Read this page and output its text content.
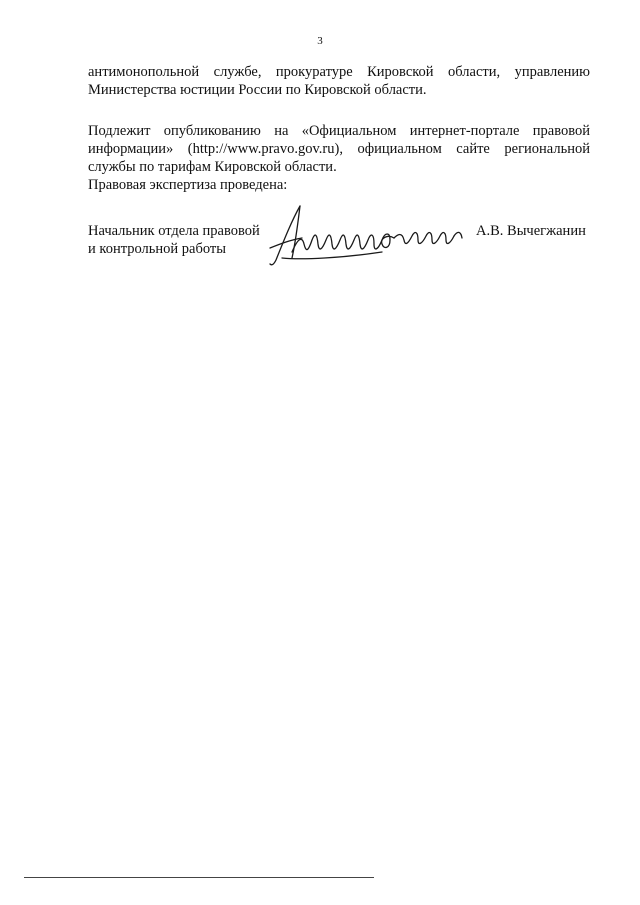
3
антимонопольной службе, прокуратуре Кировской области, управлению
Министерства юстиции России по Кировской области.
Подлежит опубликованию на «Официальном интернет-портале правовой
информации» (http://www.pravo.gov.ru), официальном сайте региональной
службы по тарифам Кировской области.
Правовая экспертиза проведена:
Начальник отдела правовой
и контрольной работы
А.В. Вычегжанин
